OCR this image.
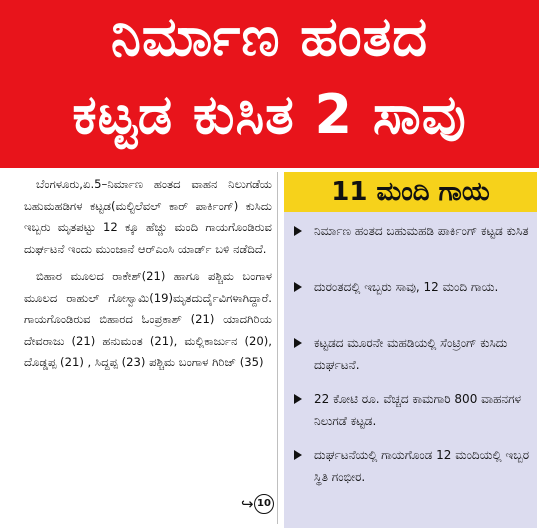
ನಿರ್ಮಾಣ ಹಂತದ
ಕಟ್ಟಡ ಕುಸಿತ 2 ಸಾವು

ಬೆಂಗಳೂರು,ಏ.5–ನಿರ್ಮಾಣ ಹಂತದ ವಾಹನ ನಿಲುಗಡೆಯ ಬಹುಮಹಡಿಗಳ ಕಟ್ಟಡ(ಮಲ್ಟಿಲೆವಲ್ ಕಾರ್ ಪಾರ್ಕಿಂಗ್) ಕುಸಿದು ಇಬ್ಬರು ಮೃತಪಟ್ಟು 12 ಕ್ಕೂ ಹೆಚ್ಚು ಮಂದಿ ಗಾಯಗೊಂಡಿರುವ ದುರ್ಘಟನೆ ಇಂದು ಮುಂಜಾನೆ ಆರ್‌ಎಂಸಿ ಯಾರ್ಡ್ ಬಳಿ ನಡೆದಿದೆ.

ಬಿಹಾರ ಮೂಲದ ರಾಕೇಶ್(21) ಹಾಗೂ ಪಶ್ಚಿಮ ಬಂಗಾಳ ಮೂಲದ ರಾಹುಲ್ ಗೋಸ್ವಾಮಿ(19)ಮೃತದುರ್ದೈವಿಗಳಾಗಿದ್ದಾರೆ. ಗಾಯಗೊಂಡಿರುವ ಬಿಹಾರದ ಓಂಪ್ರಕಾಶ್ (21) ಯಾದಗಿರಿಯ ದೇವರಾಜು (21) ಹನುಮಂತ (21), ಮಲ್ಲಿಕಾರ್ಜುನ (20), ದೊಡ್ಡಪ್ಪ (21) , ಸಿದ್ದಪ್ಪ (23) ಪಶ್ಚಿಮ ಬಂಗಾಳ ಗಿರಿಜ್ (35)

↪ 10
11 ಮಂದಿ ಗಾಯ
ನಿರ್ಮಾಣ ಹಂತದ ಬಹುಮಹಡಿ ಪಾರ್ಕಿಂಗ್ ಕಟ್ಟಡ ಕುಸಿತ
ದುರಂತದಲ್ಲಿ ಇಬ್ಬರು ಸಾವು, 12 ಮಂದಿ ಗಾಯ.
ಕಟ್ಟಡದ ಮೂರನೇ ಮಹಡಿಯಲ್ಲಿ ಸೆಂಟ್ರಿಂಗ್ ಕುಸಿದು ದುರ್ಘಟನೆ.
22 ಕೋಟಿ ರೂ. ವೆಚ್ಚದ ಕಾಮಗಾರಿ 800 ವಾಹನಗಳ ನಿಲುಗಡೆ ಕಟ್ಟಡ.
ದುರ್ಘಟನೆಯಲ್ಲಿ ಗಾಯಗೊಂಡ 12 ಮಂದಿಯಲ್ಲಿ ಇಬ್ಬರ ಸ್ಥಿತಿ ಗಂಭೀರ.
